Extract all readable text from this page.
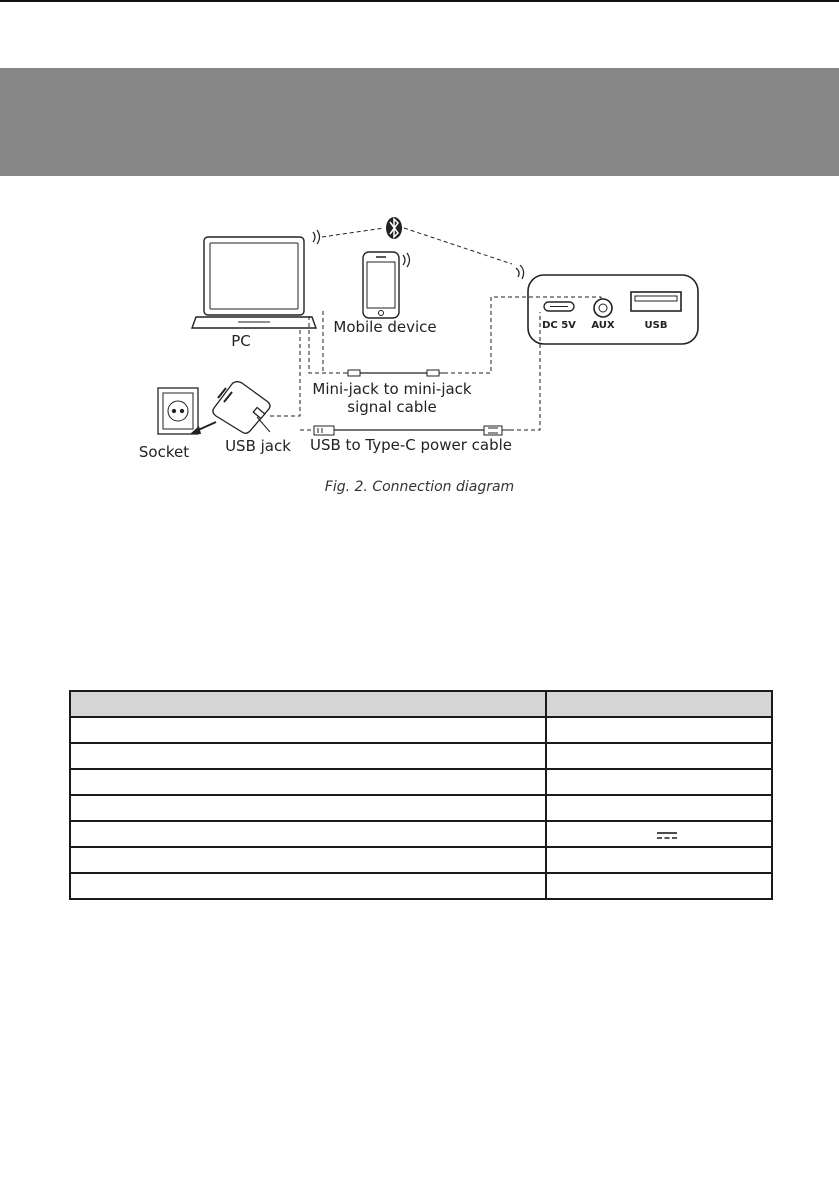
PC
Mobile device	DC 5V AUX	USB
Mini-jack to mini-jack
signal cable
USB to Type-C power cable
Socket USB jack
Fig. 2. Connection diagram
